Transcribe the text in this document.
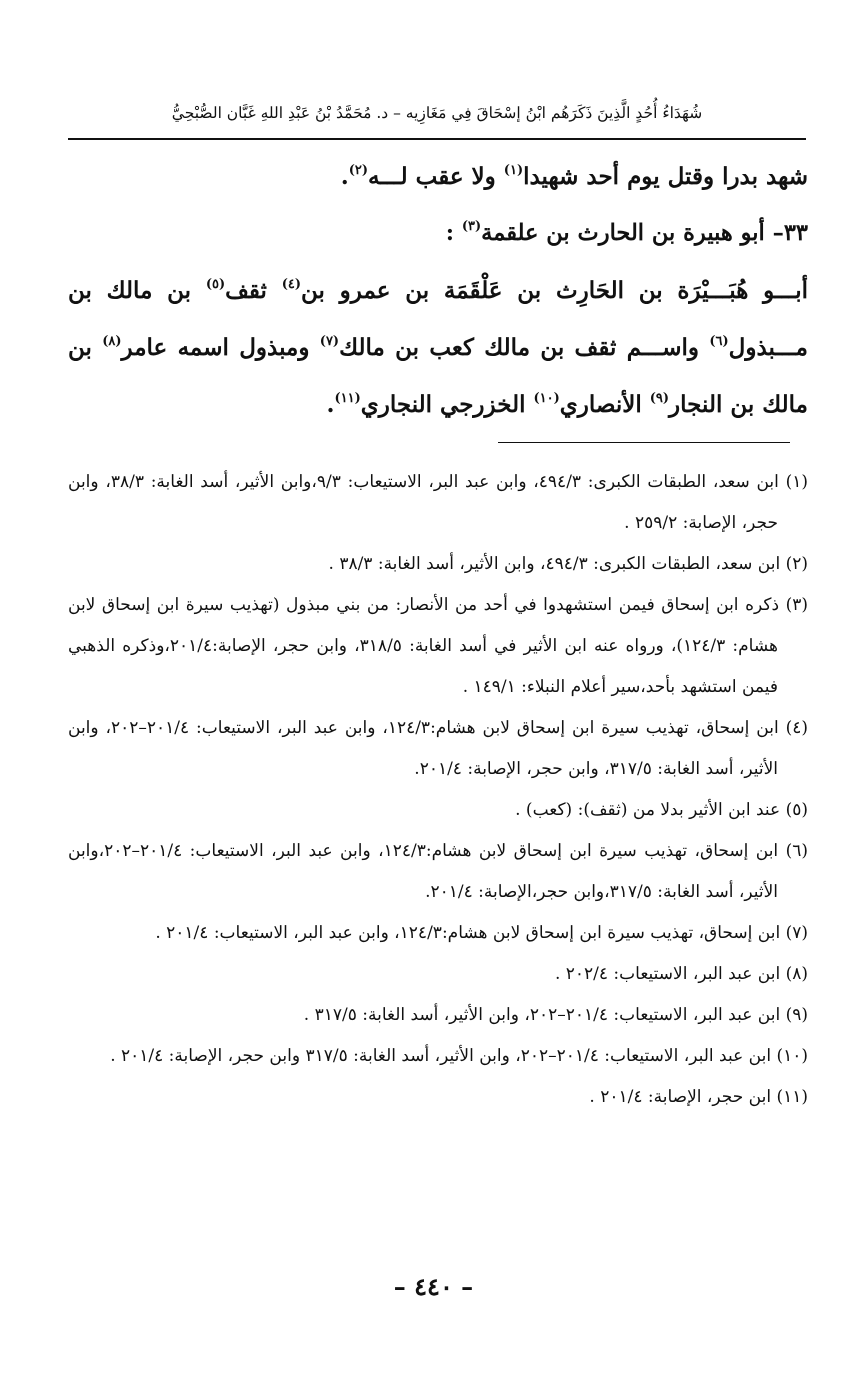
شُهَدَاءُ أُحُدٍ الَّذِينَ ذَكَرَهُم ابْنُ إسْحَاقَ فِي مَغَازِيه – د. مُحَمَّدُ بْنُ عَبْدِ اللهِ غَبَّان الصُّبْحِيُّ

شهد بدرا وقتل يوم أحد شهيدا$^{(١)}$ ولا عقب لـــه$^{(٢)}$.

٣٣– أبو هبيرة بن الحارث بن علقمة$^{(٣)}$ :

أبـــو هُبَـــيْرَة بن الحَارِث بن عَلْقَمَة بن عمرو بن$^{(٤)}$ ثقف$^{(٥)}$ بن مالك بن مـــبذول$^{(٦)}$ واســـم ثقف بن مالك كعب بن مالك$^{(٧)}$ ومبذول اسمه عامر$^{(٨)}$ بن مالك بن النجار$^{(٩)}$ الأنصاري$^{(١٠)}$ الخزرجي النجاري$^{(١١)}$.

(١) ابن سعد، الطبقات الكبرى: ٤٩٤/٣، وابن عبد البر، الاستيعاب: ٩/٣،وابن الأثير، أسد الغابة: ٣٨/٣، وابن حجر، الإصابة: ٢٥٩/٢ .

(٢) ابن سعد، الطبقات الكبرى: ٤٩٤/٣، وابن الأثير، أسد الغابة: ٣٨/٣ .

(٣) ذكره ابن إسحاق فيمن استشهدوا في أحد من الأنصار: من بني مبذول (تهذيب سيرة ابن إسحاق لابن هشام: ١٢٤/٣)، ورواه عنه ابن الأثير في أسد الغابة: ٣١٨/٥، وابن حجر، الإصابة:٢٠١/٤،وذكره الذهبي فيمن استشهد بأحد،سير أعلام النبلاء: ١٤٩/١ .

(٤) ابن إسحاق، تهذيب سيرة ابن إسحاق لابن هشام:١٢٤/٣، وابن عبد البر، الاستيعاب: ٢٠١/٤–٢٠٢، وابن الأثير، أسد الغابة: ٣١٧/٥، وابن حجر، الإصابة: ٢٠١/٤.

(٥) عند ابن الأثير بدلا من (ثقف): (كعب) .

(٦) ابن إسحاق، تهذيب سيرة ابن إسحاق لابن هشام:١٢٤/٣، وابن عبد البر، الاستيعاب: ٢٠١/٤–٢٠٢،وابن الأثير، أسد الغابة: ٣١٧/٥،وابن حجر،الإصابة: ٢٠١/٤.

(٧) ابن إسحاق، تهذيب سيرة ابن إسحاق لابن هشام:١٢٤/٣، وابن عبد البر، الاستيعاب: ٢٠١/٤ .

(٨) ابن عبد البر، الاستيعاب: ٢٠٢/٤ .

(٩) ابن عبد البر، الاستيعاب: ٢٠١/٤–٢٠٢، وابن الأثير، أسد الغابة: ٣١٧/٥ .

(١٠) ابن عبد البر، الاستيعاب: ٢٠١/٤–٢٠٢، وابن الأثير، أسد الغابة: ٣١٧/٥ وابن حجر، الإصابة: ٢٠١/٤ .

(١١) ابن حجر، الإصابة: ٢٠١/٤ .

– ٤٤٠ –
